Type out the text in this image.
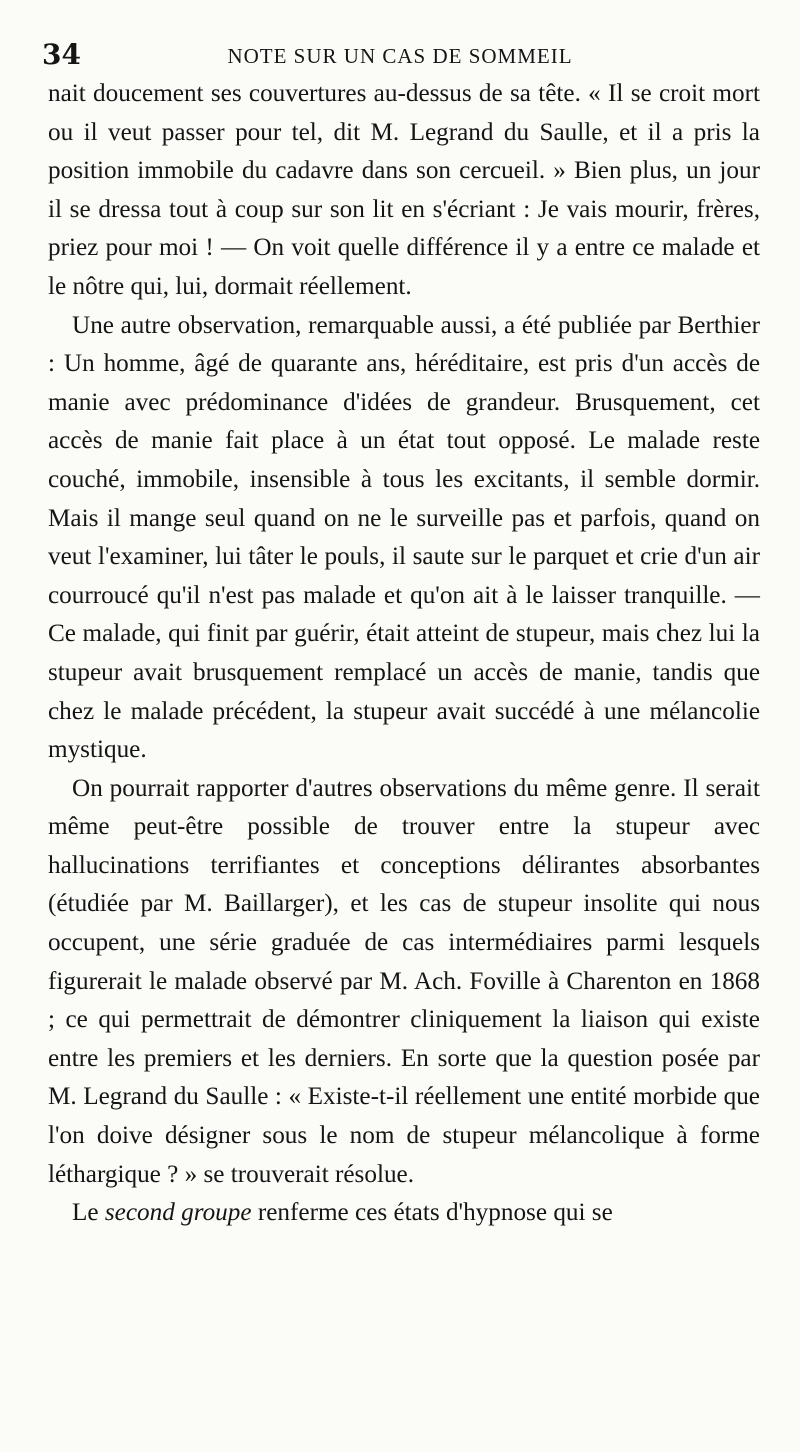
34	NOTE SUR UN CAS DE SOMMEIL

nait doucement ses couvertures au-dessus de sa tête. « Il se croit mort ou il veut passer pour tel, dit M. Legrand du Saulle, et il a pris la position immobile du cadavre dans son cercueil. » Bien plus, un jour il se dressa tout à coup sur son lit en s'écriant : Je vais mourir, frères, priez pour moi ! — On voit quelle différence il y a entre ce malade et le nôtre qui, lui, dormait réellement.

Une autre observation, remarquable aussi, a été publiée par Berthier : Un homme, âgé de quarante ans, héréditaire, est pris d'un accès de manie avec prédominance d'idées de grandeur. Brusquement, cet accès de manie fait place à un état tout opposé. Le malade reste couché, immobile, insensible à tous les excitants, il semble dormir. Mais il mange seul quand on ne le surveille pas et parfois, quand on veut l'examiner, lui tâter le pouls, il saute sur le parquet et crie d'un air courroucé qu'il n'est pas malade et qu'on ait à le laisser tranquille. — Ce malade, qui finit par guérir, était atteint de stupeur, mais chez lui la stupeur avait brusquement remplacé un accès de manie, tandis que chez le malade précédent, la stupeur avait succédé à une mélancolie mystique.

On pourrait rapporter d'autres observations du même genre. Il serait même peut-être possible de trouver entre la stupeur avec hallucinations terrifiantes et conceptions délirantes absorbantes (étudiée par M. Baillarger), et les cas de stupeur insolite qui nous occupent, une série graduée de cas intermédiaires parmi lesquels figurerait le malade observé par M. Ach. Foville à Charenton en 1868 ; ce qui permettrait de démontrer cliniquement la liaison qui existe entre les premiers et les derniers. En sorte que la question posée par M. Legrand du Saulle : « Existe-t-il réellement une entité morbide que l'on doive désigner sous le nom de stupeur mélancolique à forme léthargique ? » se trouverait résolue.

Le second groupe renferme ces états d'hypnose qui se
